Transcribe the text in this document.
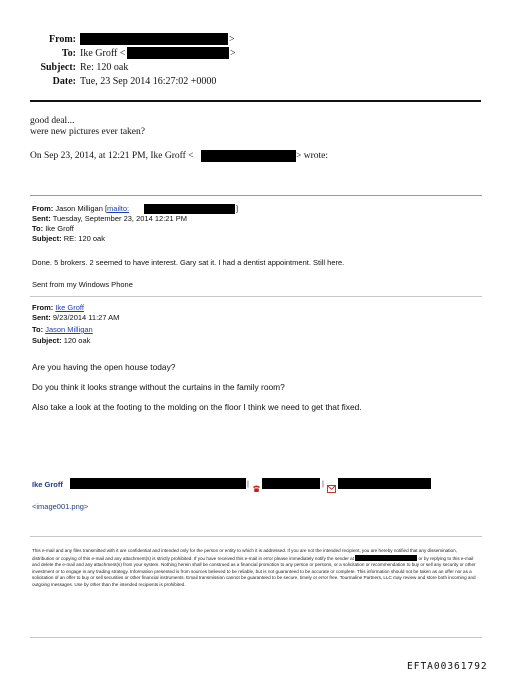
From:	>
To: Ike Groff <	>
Subject: Re: 120 oak
Date: Tue, 23 Sep 2014 16:27:02 +0000
good deal...
were new pictures ever taken?
On Sep 23, 2014, at 12:21 PM, Ike Groff <	> wrote:
From: Jason Milligan [mailto:	]
Sent: Tuesday, September 23, 2014 12:21 PM
To: Ike Groff
Subject: RE: 120 oak
Done. 5 brokers. 2 seemed to have interest. Gary sat it. I had a dentist appointment. Still here.
Sent from my Windows Phone
From: Ike Groff
Sent: 9/23/2014 11:27 AM
To: Jason Milligan
Subject: 120 oak
Are you having the open house today?
Do you think it looks strange without the curtains in the family room?
Also take a look at the footing to the molding on the floor I think we need to get that fixed.
Ike Groff	|	|
<image001.png>
This e-mail and any files transmitted with it are confidential and intended only for the person or entity to which it is addressed. If you are not the intended recipient, you are hereby notified that any dissemination, distribution or copying of this e-mail and any attachment(s) is strictly prohibited. If you have received this e-mail in error please immediately notify the sender at	or by replying to this e-mail and delete the e-mail and any attachment(s) from your system. Nothing herein shall be construed as a financial promotion to any person or persons, or a solicitation or recommendation to buy or sell any security or other investment or to engage in any trading strategy. Information presented is from sources believed to be reliable, but is not guaranteed to be accurate or complete. This information should not be taken as an offer nor as a solicitation of an offer to buy or sell securities or other financial instruments. Email transmission cannot be guaranteed to be secure, timely or error free. Tourmaline Partners, LLC may review and store both incoming and outgoing messages. Use by other than the intended recipients is prohibited.
EFTA00361792
